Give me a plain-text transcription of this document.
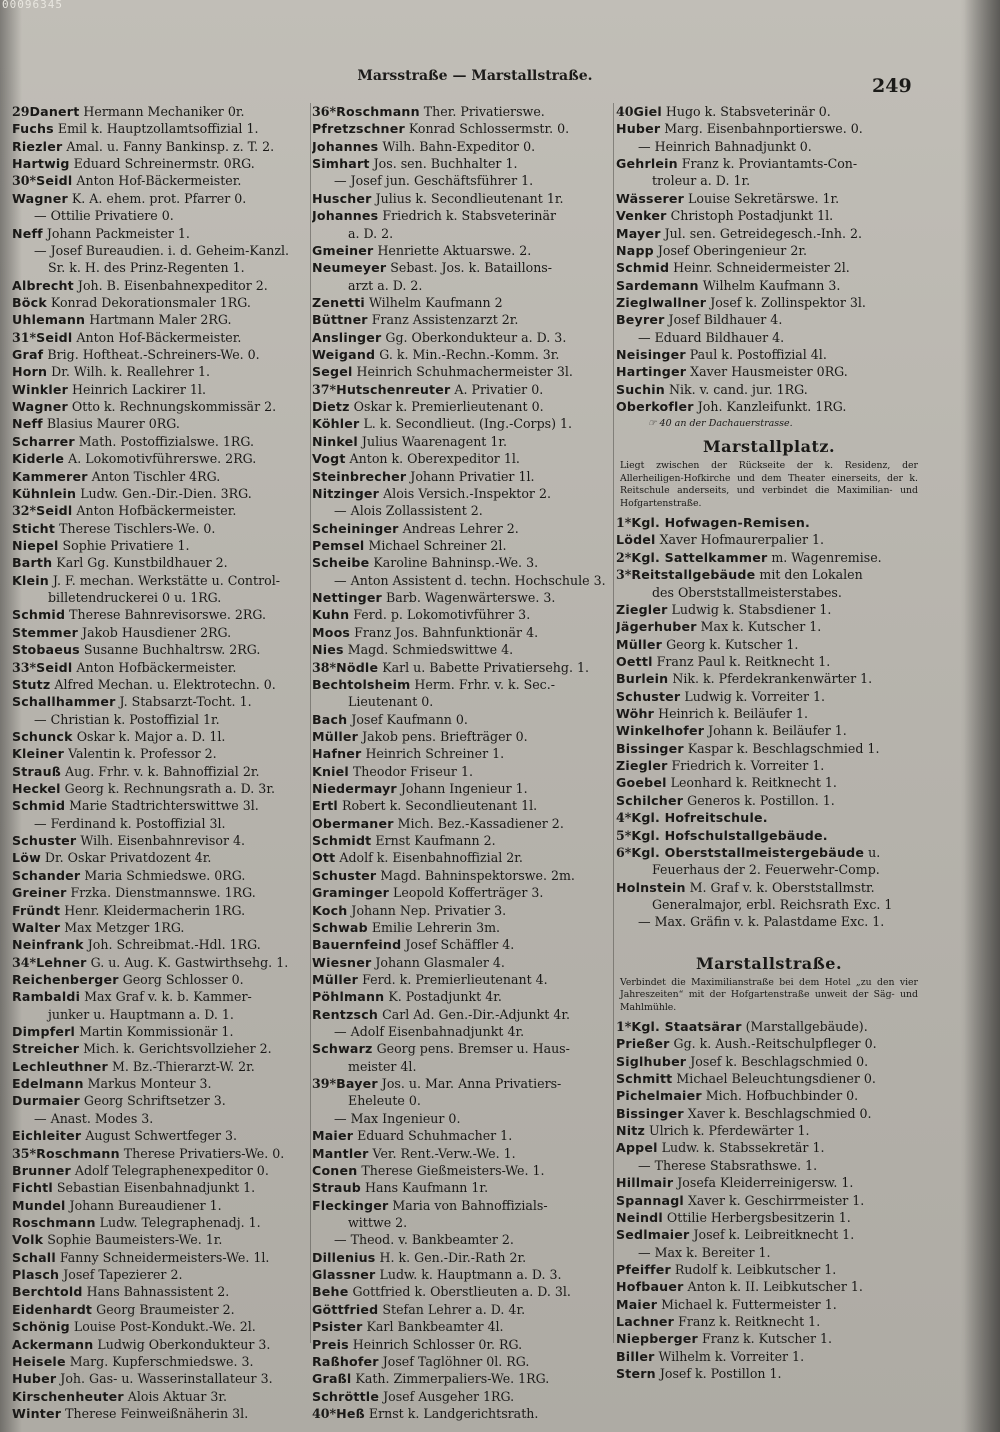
00096345
Marsstraße — Marstallstraße.	249
29Danert Hermann Mechaniker 0r.
Fuchs Emil k. Hauptzollamtsoffizial 1.
Riezler Amal. u. Fanny Bankinsp. z. T. 2.
Hartwig Eduard Schreinermstr. 0RG.
30*Seidl Anton Hof-Bäckermeister.
Wagner K. A. ehem. prot. Pfarrer 0.
— Ottilie Privatiere 0.
Neff Johann Packmeister 1.
— Josef Bureaudien. i. d. Geheim-Kanzl.
Sr. k. H. des Prinz-Regenten 1.
Albrecht Joh. B. Eisenbahnexpeditor 2.
Böck Konrad Dekorationsmaler 1RG.
Uhlemann Hartmann Maler 2RG.
31*Seidl Anton Hof-Bäckermeister.
Graf Brig. Hoftheat.-Schreiners-We. 0.
Horn Dr. Wilh. k. Reallehrer 1.
Winkler Heinrich Lackirer 1l.
Wagner Otto k. Rechnungskommissär 2.
Neff Blasius Maurer 0RG.
Scharrer Math. Postoffizialswe. 1RG.
Kiderle A. Lokomotivführerswe. 2RG.
Kammerer Anton Tischler 4RG.
Kühnlein Ludw. Gen.-Dir.-Dien. 3RG.
32*Seidl Anton Hofbäckermeister.
Sticht Therese Tischlers-We. 0.
Niepel Sophie Privatiere 1.
Barth Karl Gg. Kunstbildhauer 2.
Klein J. F. mechan. Werkstätte u. Control-
billetendruckerei 0 u. 1RG.
Schmid Therese Bahnrevisorswe. 2RG.
Stemmer Jakob Hausdiener 2RG.
Stobaeus Susanne Buchhaltrsw. 2RG.
33*Seidl Anton Hofbäckermeister.
Stutz Alfred Mechan. u. Elektrotechn. 0.
Schallhammer J. Stabsarzt-Tocht. 1.
— Christian k. Postoffizial 1r.
Schunck Oskar k. Major a. D. 1l.
Kleiner Valentin k. Professor 2.
Strauß Aug. Frhr. v. k. Bahnoffizial 2r.
Heckel Georg k. Rechnungsrath a. D. 3r.
Schmid Marie Stadtrichterswittwe 3l.
— Ferdinand k. Postoffizial 3l.
Schuster Wilh. Eisenbahnrevisor 4.
Löw Dr. Oskar Privatdozent 4r.
Schander Maria Schmiedswe. 0RG.
Greiner Frzka. Dienstmannswe. 1RG.
Fründt Henr. Kleidermacherin 1RG.
Walter Max Metzger 1RG.
Neinfrank Joh. Schreibmat.-Hdl. 1RG.
34*Lehner G. u. Aug. K. Gastwirthsehg. 1.
Reichenberger Georg Schlosser 0.
Rambaldi Max Graf v. k. b. Kammer-
junker u. Hauptmann a. D. 1.
Dimpferl Martin Kommissionär 1.
Streicher Mich. k. Gerichtsvollzieher 2.
Lechleuthner M. Bz.-Thierarzt-W. 2r.
Edelmann Markus Monteur 3.
Durmaier Georg Schriftsetzer 3.
— Anast. Modes 3.
Eichleiter August Schwertfeger 3.
35*Roschmann Therese Privatiers-We. 0.
Brunner Adolf Telegraphenexpeditor 0.
Fichtl Sebastian Eisenbahnadjunkt 1.
Mundel Johann Bureaudiener 1.
Roschmann Ludw. Telegraphenadj. 1.
Volk Sophie Baumeisters-We. 1r.
Schall Fanny Schneidermeisters-We. 1l.
Plasch Josef Tapezierer 2.
Berchtold Hans Bahnassistent 2.
Eidenhardt Georg Braumeister 2.
Schönig Louise Post-Kondukt.-We. 2l.
Ackermann Ludwig Oberkondukteur 3.
Heisele Marg. Kupferschmiedswe. 3.
Huber Joh. Gas- u. Wasserinstallateur 3.
Kirschenheuter Alois Aktuar 3r.
Winter Therese Feinweißnäherin 3l.
36*Roschmann Ther. Privatierswe.
Pfretzschner Konrad Schlossermstr. 0.
Johannes Wilh. Bahn-Expeditor 0.
Simhart Jos. sen. Buchhalter 1.
— Josef jun. Geschäftsführer 1.
Huscher Julius k. Secondlieutenant 1r.
Johannes Friedrich k. Stabsveterinär
a. D. 2.
Gmeiner Henriette Aktuarswe. 2.
Neumeyer Sebast. Jos. k. Bataillons-
arzt a. D. 2.
Zenetti Wilhelm Kaufmann 2
Büttner Franz Assistenzarzt 2r.
Anslinger Gg. Oberkondukteur a. D. 3.
Weigand G. k. Min.-Rechn.-Komm. 3r.
Segel Heinrich Schuhmachermeister 3l.
37*Hutschenreuter A. Privatier 0.
Dietz Oskar k. Premierlieutenant 0.
Köhler L. k. Secondlieut. (Ing.-Corps) 1.
Ninkel Julius Waarenagent 1r.
Vogt Anton k. Oberexpeditor 1l.
Steinbrecher Johann Privatier 1l.
Nitzinger Alois Versich.-Inspektor 2.
— Alois Zollassistent 2.
Scheininger Andreas Lehrer 2.
Pemsel Michael Schreiner 2l.
Scheibe Karoline Bahninsp.-We. 3.
— Anton Assistent d. techn. Hochschule 3.
Nettinger Barb. Wagenwärterswe. 3.
Kuhn Ferd. p. Lokomotivführer 3.
Moos Franz Jos. Bahnfunktionär 4.
Nies Magd. Schmiedswittwe 4.
38*Nödle Karl u. Babette Privatiersehg. 1.
Bechtolsheim Herm. Frhr. v. k. Sec.-
Lieutenant 0.
Bach Josef Kaufmann 0.
Müller Jakob pens. Briefträger 0.
Hafner Heinrich Schreiner 1.
Kniel Theodor Friseur 1.
Niedermayr Johann Ingenieur 1.
Ertl Robert k. Secondlieutenant 1l.
Obermaner Mich. Bez.-Kassadiener 2.
Schmidt Ernst Kaufmann 2.
Ott Adolf k. Eisenbahnoffizial 2r.
Schuster Magd. Bahninspektorswe. 2m.
Graminger Leopold Kofferträger 3.
Koch Johann Nep. Privatier 3.
Schwab Emilie Lehrerin 3m.
Bauernfeind Josef Schäffler 4.
Wiesner Johann Glasmaler 4.
Müller Ferd. k. Premierlieutenant 4.
Pöhlmann K. Postadjunkt 4r.
Rentzsch Carl Ad. Gen.-Dir.-Adjunkt 4r.
— Adolf Eisenbahnadjunkt 4r.
Schwarz Georg pens. Bremser u. Haus-
meister 4l.
39*Bayer Jos. u. Mar. Anna Privatiers-
Eheleute 0.
— Max Ingenieur 0.
Maier Eduard Schuhmacher 1.
Mantler Ver. Rent.-Verw.-We. 1.
Conen Therese Gießmeisters-We. 1.
Straub Hans Kaufmann 1r.
Fleckinger Maria von Bahnoffizials-
wittwe 2.
— Theod. v. Bankbeamter 2.
Dillenius H. k. Gen.-Dir.-Rath 2r.
Glassner Ludw. k. Hauptmann a. D. 3.
Behe Gottfried k. Oberstlieuten a. D. 3l.
Göttfried Stefan Lehrer a. D. 4r.
Psister Karl Bankbeamter 4l.
Preis Heinrich Schlosser 0r. RG.
Raßhofer Josef Taglöhner 0l. RG.
Graßl Kath. Zimmerpaliers-We. 1RG.
Schröttle Josef Ausgeher 1RG.
40*Heß Ernst k. Landgerichtsrath.
40Giel Hugo k. Stabsveterinär 0.
Huber Marg. Eisenbahnportierswe. 0.
— Heinrich Bahnadjunkt 0.
Gehrlein Franz k. Proviantamts-Con-
troleur a. D. 1r.
Wässerer Louise Sekretärswe. 1r.
Venker Christoph Postadjunkt 1l.
Mayer Jul. sen. Getreidegesch.-Inh. 2.
Napp Josef Oberingenieur 2r.
Schmid Heinr. Schneidermeister 2l.
Sardemann Wilhelm Kaufmann 3.
Zieglwallner Josef k. Zollinspektor 3l.
Beyrer Josef Bildhauer 4.
— Eduard Bildhauer 4.
Neisinger Paul k. Postoffizial 4l.
Hartinger Xaver Hausmeister 0RG.
Suchin Nik. v. cand. jur. 1RG.
Oberkofler Joh. Kanzleifunkt. 1RG.
☞ 40 an der Dachauerstrasse.
Marstallplatz.
Liegt zwischen der Rückseite der k. Residenz, der Allerheiligen-Hofkirche und dem Theater einerseits, der k. Reitschule anderseits, und verbindet die Maximilian- und Hofgartenstraße.
1*Kgl. Hofwagen-Remisen.
Lödel Xaver Hofmaurerpalier 1.
2*Kgl. Sattelkammer m. Wagenremise.
3*Reitstallgebäude mit den Lokalen
des Oberststallmeisterstabes.
Ziegler Ludwig k. Stabsdiener 1.
Jägerhuber Max k. Kutscher 1.
Müller Georg k. Kutscher 1.
Oettl Franz Paul k. Reitknecht 1.
Burlein Nik. k. Pferdekrankenwärter 1.
Schuster Ludwig k. Vorreiter 1.
Wöhr Heinrich k. Beiläufer 1.
Winkelhofer Johann k. Beiläufer 1.
Bissinger Kaspar k. Beschlagschmied 1.
Ziegler Friedrich k. Vorreiter 1.
Goebel Leonhard k. Reitknecht 1.
Schilcher Generos k. Postillon. 1.
4*Kgl. Hofreitschule.
5*Kgl. Hofschulstallgebäude.
6*Kgl. Oberststallmeistergebäude u.
Feuerhaus der 2. Feuerwehr-Comp.
Holnstein M. Graf v. k. Oberststallmstr.
Generalmajor, erbl. Reichsrath Exc. 1
— Max. Gräfin v. k. Palastdame Exc. 1.
Marstallstraße.
Verbindet die Maximilianstraße bei dem Hotel „zu den vier Jahreszeiten“ mit der Hofgartenstraße unweit der Säg- und Mahlmühle.
1*Kgl. Staatsärar (Marstallgebäude).
Prießer Gg. k. Aush.-Reitschulpfleger 0.
Siglhuber Josef k. Beschlagschmied 0.
Schmitt Michael Beleuchtungsdiener 0.
Pichelmaier Mich. Hofbuchbinder 0.
Bissinger Xaver k. Beschlagschmied 0.
Nitz Ulrich k. Pferdewärter 1.
Appel Ludw. k. Stabssekretär 1.
— Therese Stabsrathswe. 1.
Hillmair Josefa Kleiderreinigersw. 1.
Spannagl Xaver k. Geschirrmeister 1.
Neindl Ottilie Herbergsbesitzerin 1.
Sedlmaier Josef k. Leibreitknecht 1.
— Max k. Bereiter 1.
Pfeiffer Rudolf k. Leibkutscher 1.
Hofbauer Anton k. II. Leibkutscher 1.
Maier Michael k. Futtermeister 1.
Lachner Franz k. Reitknecht 1.
Niepberger Franz k. Kutscher 1.
Biller Wilhelm k. Vorreiter 1.
Stern Josef k. Postillon 1.
